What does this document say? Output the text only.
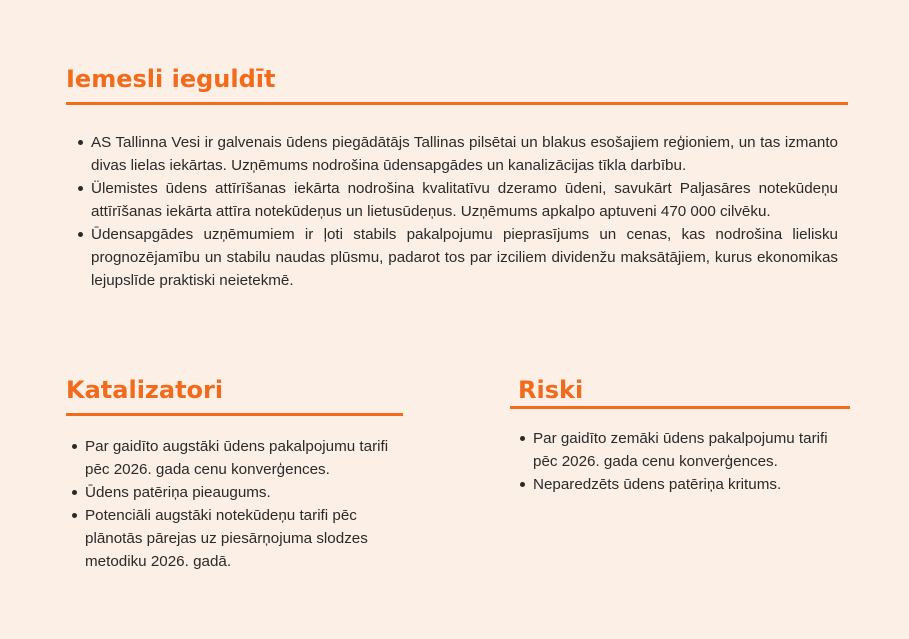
Iemesli ieguldīt
AS Tallinna Vesi ir galvenais ūdens piegādātājs Tallinas pilsētai un blakus esošajiem reģioniem, un tas izmanto divas lielas iekārtas. Uzņēmums nodrošina ūdensapgādes un kanalizācijas tīkla darbību.
Ülemistes ūdens attīrīšanas iekārta nodrošina kvalitatīvu dzeramo ūdeni, savukārt Paljasāres notekūdeņu attīrīšanas iekārta attīra notekūdeņus un lietusūdeņus. Uzņēmums apkalpo aptuveni 470 000 cilvēku.
Ūdensapgādes uzņēmumiem ir ļoti stabils pakalpojumu pieprasījums un cenas, kas nodrošina lielisku prognozējamību un stabilu naudas plūsmu, padarot tos par izciliem dividenžu maksātājiem, kurus ekonomikas lejupslīde praktiski neietekmē.
Katalizatori
Par gaidīto augstāki ūdens pakalpojumu tarifi pēc 2026. gada cenu konverģences.
Ūdens patēriņa pieaugums.
Potenciāli augstāki notekūdeņu tarifi pēc plānotās pārejas uz piesārņojuma slodzes metodiku 2026. gadā.
Riski
Par gaidīto zemāki ūdens pakalpojumu tarifi pēc 2026. gada cenu konverģences.
Neparedzēts ūdens patēriņa kritums.
